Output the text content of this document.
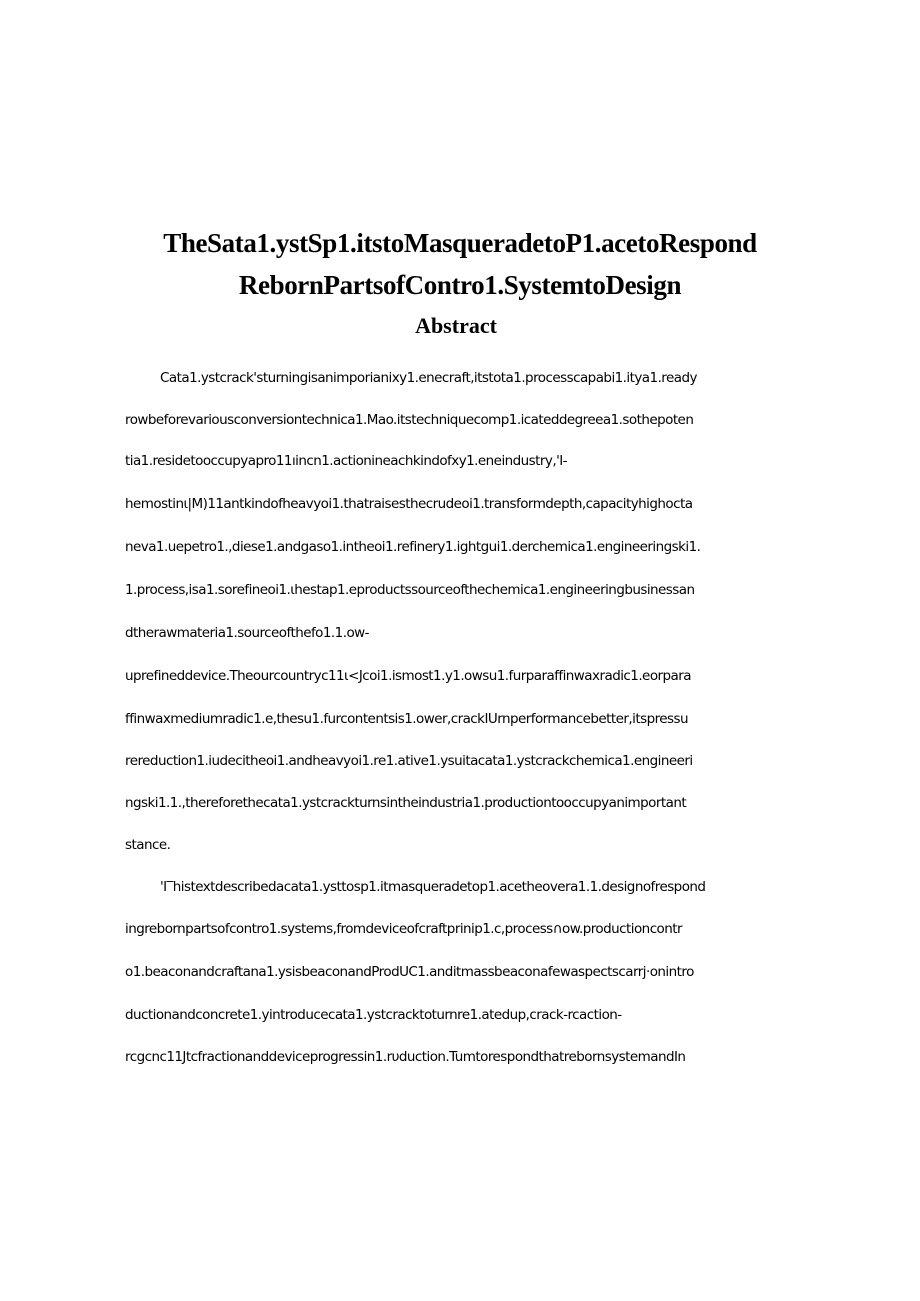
TheSata1.ystSp1.itstoMasqueradetoP1.acetoRespond
RebornPartsofContro1.SystemtoDesign
Abstract

Cata1.ystcrack'sturningisanimporianixy1.enecraft,itstota1.processcapabi1.itya1.ready

rowbeforevariousconversiontechnica1.Mao.itstechniquecomp1.icateddegreea1.sothepoten

tia1.residetooccupyapro11ıincn1.actionineachkindofxy1.eneindustry,'I‑

hemostinι|M)11antkindofheavyoi1.thatraisesthecrudeoi1.transformdepth,capacityhighocta

neva1.uepetro1.,diese1.andgaso1.intheoi1.refinery1.ightgui1.derchemica1.engineeringski1.

1.process,isa1.sorefineoi1.ιhestap1.eproductssourceofthechemica1.engineeringbusinessan

dtherawmateria1.sourceofthefo1.1.ow-

uprefineddevice.Theourcountryc11ι<Jcoi1.ismost1.y1.owsu1.furparaffinwaxradic1.eorpara

ffinwaxmediumradic1.e,thesu1.furcontentsis1.ower,crackIUrnperformancebetter,itspressu

rereduction1.iudecitheoi1.andheavyoi1.re1.ative1.ysuitacata1.ystcrackchemica1.engineeri

ngski1.1.,thereforethecata1.ystcrackturnsintheindustria1.productiontooccupyanimportant

stance.

'I‾histextdescribedacata1.ysttosp1.itmasqueradetop1.acetheovera1.1.designofrespond

ingrebornpartsofcontro1.systems,fromdeviceofcraftprinip1.c,process∩ow.productioncontr

o1.beaconandcraftana1.ysisbeaconandProdUC1.anditmassbeaconafewaspectscarrj·onintro

ductionandconcrete1.yintroducecata1.ystcracktoturnre1.atedup,crack-rcaction-

rcgcnc11Jtcfractionanddeviceprogressin1.rυduction.TumtorespondthatrebornsystemandIn
